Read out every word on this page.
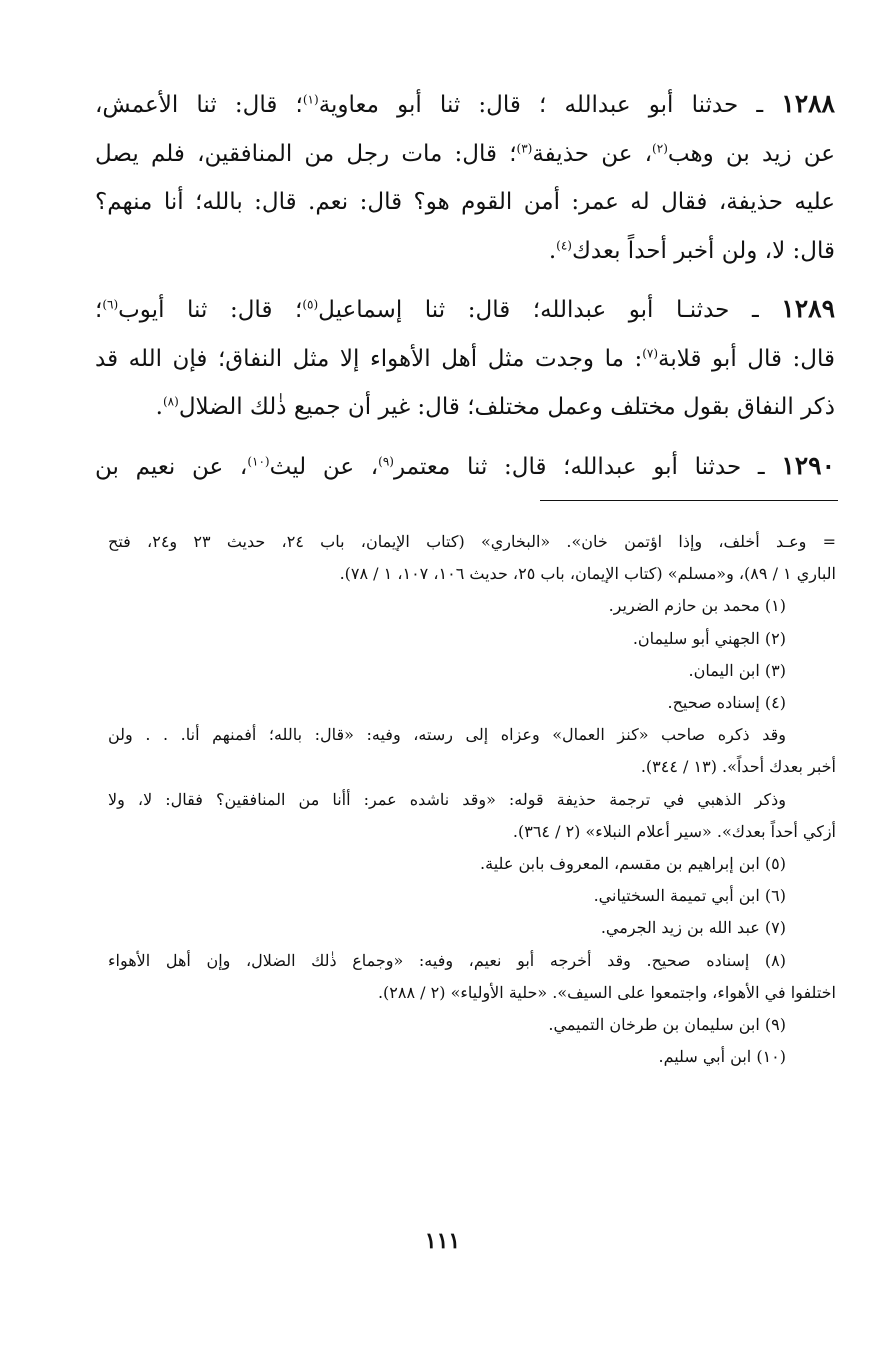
١٢٨٨ ـ حدثنا أبو عبدالله ؛ قال: ثنا أبو معاوية$^{(١)}$؛ قال: ثنا الأعمش،
عن زيد بن وهب$^{(٢)}$، عن حذيفة$^{(٣)}$؛ قال: مات رجل من المنافقين، فلم يصل
عليه حذيفة، فقال له عمر: أمن القوم هو؟ قال: نعم. قال: بالله؛ أنا منهم؟
قال: لا، ولن أخبر أحداً بعدك$^{(٤)}$.
١٢٨٩ ـ حدثنـا أبو عبدالله؛ قال: ثنا إسماعيل$^{(٥)}$؛ قال: ثنا أيوب$^{(٦)}$؛
قال: قال أبو قلابة$^{(٧)}$: ما وجدت مثل أهل الأهواء إلا مثل النفاق؛ فإن الله قد
ذكر النفاق بقول مختلف وعمل مختلف؛ قال: غير أن جميع ذٰلك الضلال$^{(٨)}$.
١٢٩٠ ـ حدثنا أبو عبدالله؛ قال: ثنا معتمر$^{(٩)}$، عن ليث$^{(١٠)}$، عن نعيم بن
= وعـد أخلف، وإذا اؤتمن خان». «البخاري» (كتاب الإيمان، باب ٢٤، حديث ٢٣ و٢٤، فتح
الباري ١ / ٨٩)، و«مسلم» (كتاب الإيمان، باب ٢٥، حديث ١٠٦، ١٠٧، ١ / ٧٨).
(١) محمد بن حازم الضرير.
(٢) الجهني أبو سليمان.
(٣) ابن اليمان.
(٤) إسناده صحيح.
وقد ذكره صاحب «كنز العمال» وعزاه إلى رسته، وفيه: «قال: بالله؛ أفمنهم أنا. . . ولن
أخبر بعدك أحداً». (١٣ / ٣٤٤).
وذكر الذهبي في ترجمة حذيفة قوله: «وقد ناشده عمر: أأنا من المنافقين؟ فقال: لا، ولا
أزكي أحداً بعدك». «سير أعلام النبلاء» (٢ / ٣٦٤).
(٥) ابن إبراهيم بن مقسم، المعروف بابن علية.
(٦) ابن أبي تميمة السختياني.
(٧) عبد الله بن زيد الجرمي.
(٨) إسناده صحيح. وقد أخرجه أبو نعيم، وفيه: «وجماع ذٰلك الضلال، وإن أهل الأهواء
اختلفوا في الأهواء، واجتمعوا على السيف». «حلية الأولياء» (٢ / ٢٨٨).
(٩) ابن سليمان بن طرخان التميمي.
(١٠) ابن أبي سليم.
١١١
